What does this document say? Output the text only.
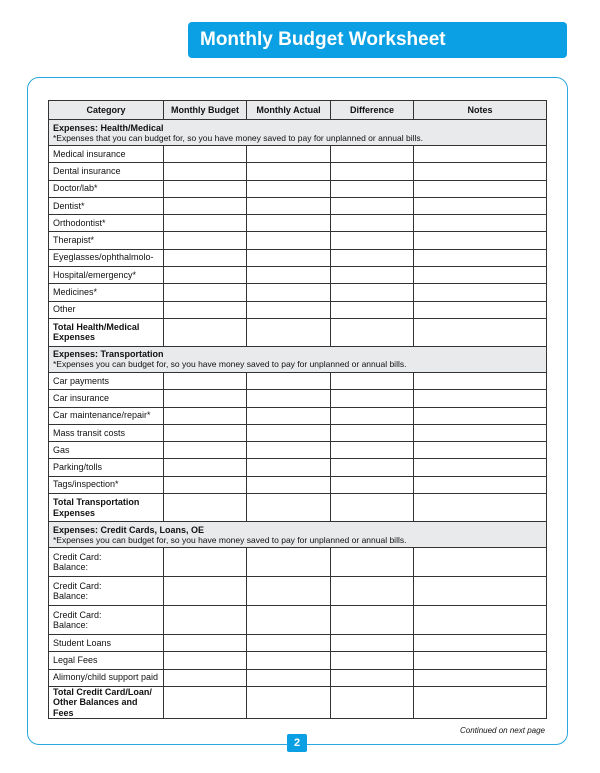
Monthly Budget Worksheet
Category	Monthly Budget	Monthly Actual	Difference	Notes

Expenses: Health/Medical
*Expenses that you can budget for, so you have money saved to pay for unplanned or annual bills.				

Medical insurance				
Dental insurance				
Doctor/lab*				
Dentist*				
Orthodontist*				
Therapist*				
Eyeglasses/ophthalmolo-				
Hospital/emergency*				
Medicines*				
Other				

Total Health/Medical
Expenses				

Expenses: Transportation
*Expenses you can budget for, so you have money saved to pay for unplanned or annual bills.				

Car payments				
Car insurance				
Car maintenance/repair*				
Mass transit costs				
Gas				
Parking/tolls				
Tags/inspection*				

Total Transportation
Expenses				

Expenses: Credit Cards, Loans, OE
*Expenses you can budget for, so you have money saved to pay for unplanned or annual bills.				

Credit Card:
Balance:				

Credit Card:
Balance:				

Credit Card:
Balance:				

Student Loans				
Legal Fees				
Alimony/child support paid				

Total Credit Card/Loan/
Other Balances and Fees				

Continued on next page
2
